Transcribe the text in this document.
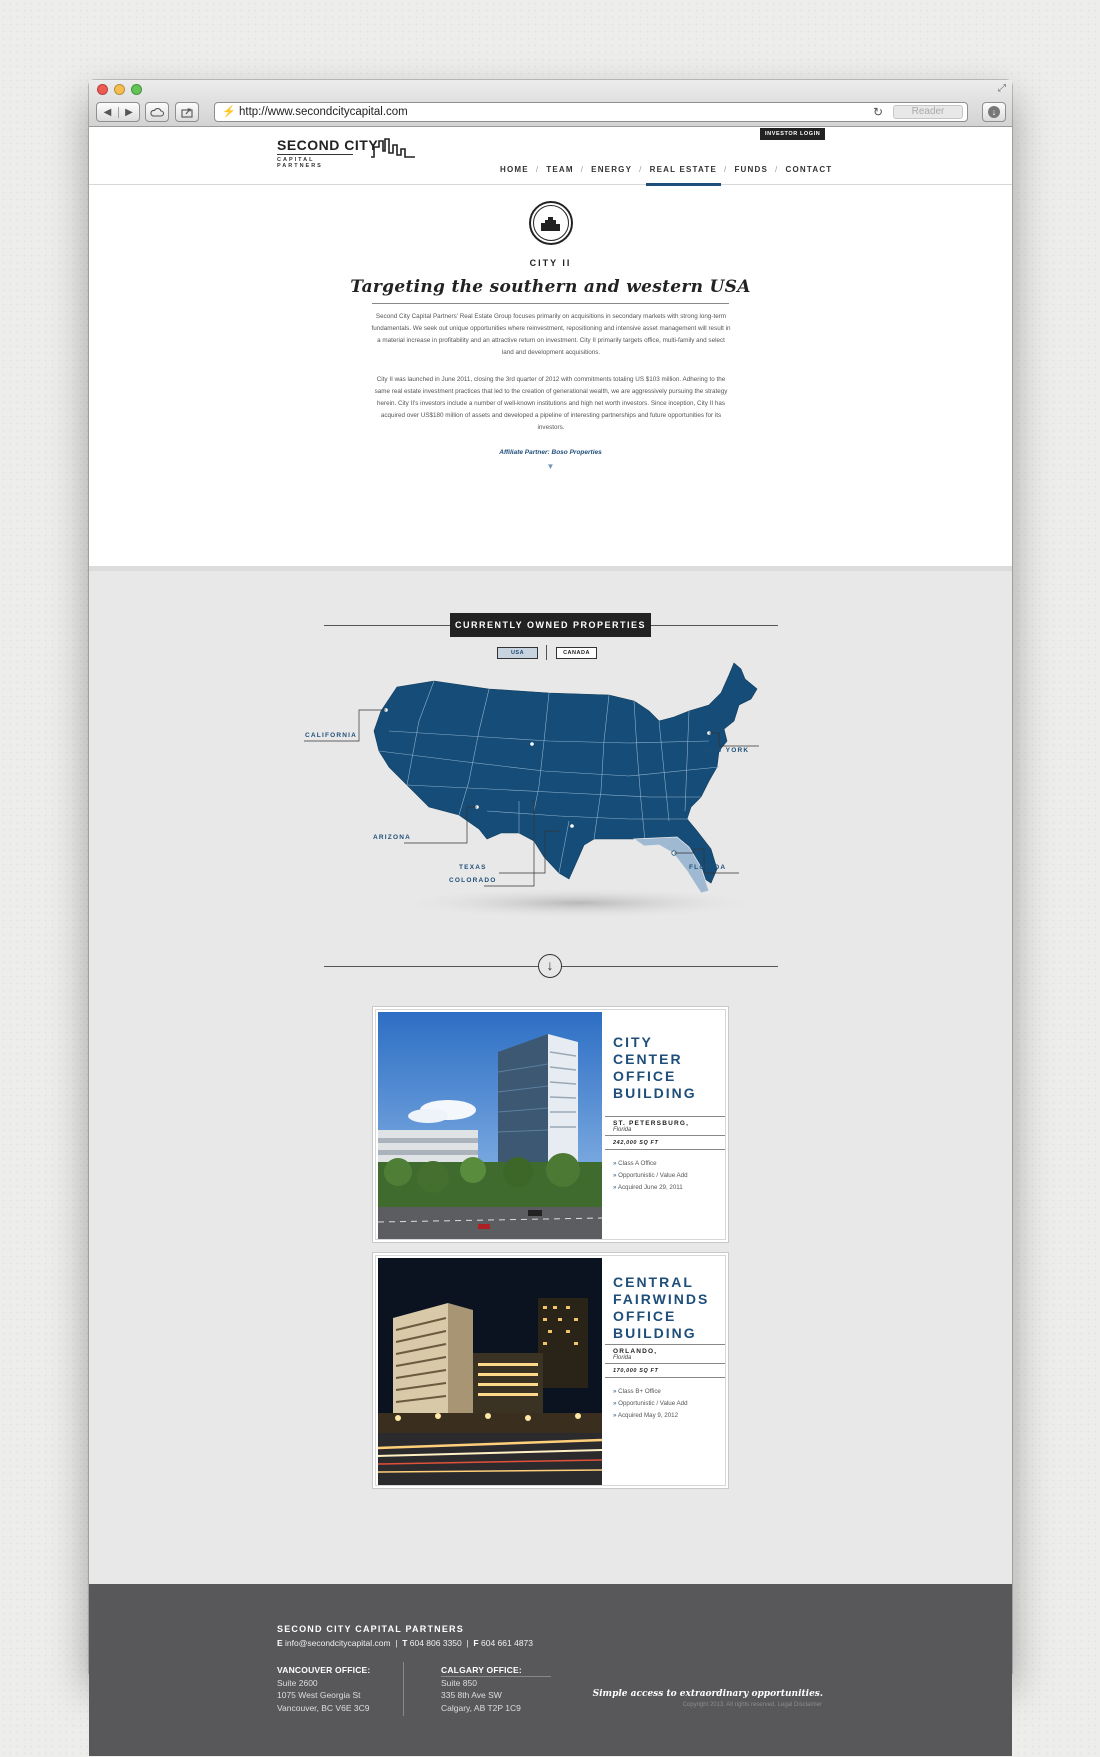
⤢
◀	▶	⚡ http://www.secondcitycapital.com	↻	Reader	↓
SECOND CITY
CAPITAL PARTNERS
INVESTOR LOGIN
HOME / TEAM / ENERGY / REAL ESTATE / FUNDS / CONTACT
CITY II
Targeting the southern and western USA
Second City Capital Partners' Real Estate Group focuses primarily on acquisitions in secondary markets with strong long-term fundamentals. We seek out unique opportunities where reinvestment, repositioning and intensive asset management will result in a material increase in profitability and an attractive return on investment. City II primarily targets office, multi-family and select land and development acquisitions.
City II was launched in June 2011, closing the 3rd quarter of 2012 with commitments totaling US $103 million. Adhering to the same real estate investment practices that led to the creation of generational wealth, we are aggressively pursuing the strategy herein. City II's investors include a number of well-known institutions and high net worth investors. Since inception, City II has acquired over US$180 million of assets and developed a pipeline of interesting partnerships and future opportunities for its investors.
Affiliate Partner: Boso Properties
▼
CURRENTLY OWNED PROPERTIES
USA	CANADA
CALIFORNIA
NEW YORK
ARIZONA
FLORIDA
TEXAS
COLORADO
↓
CITY CENTER
OFFICE
BUILDING
ST. PETERSBURG,
Florida
242,000 SQ FT
» Class A Office
» Opportunistic / Value Add
» Acquired June 29, 2011
CENTRAL
FAIRWINDS
OFFICE
BUILDING
ORLANDO,
Florida
170,000 SQ FT
» Class B+ Office
» Opportunistic / Value Add
» Acquired May 9, 2012
SECOND CITY CAPITAL PARTNERS
E info@secondcitycapital.com  |  T 604 806 3350  |  F 604 661 4873
VANCOUVER OFFICE:
Suite 2600
1075 West Georgia St
Vancouver, BC V6E 3C9
CALGARY OFFICE:
Suite 850
335 8th Ave SW
Calgary, AB T2P 1C9
Simple access to extraordinary opportunities.
Copyright 2013. All rights reserved. Legal Disclaimer
